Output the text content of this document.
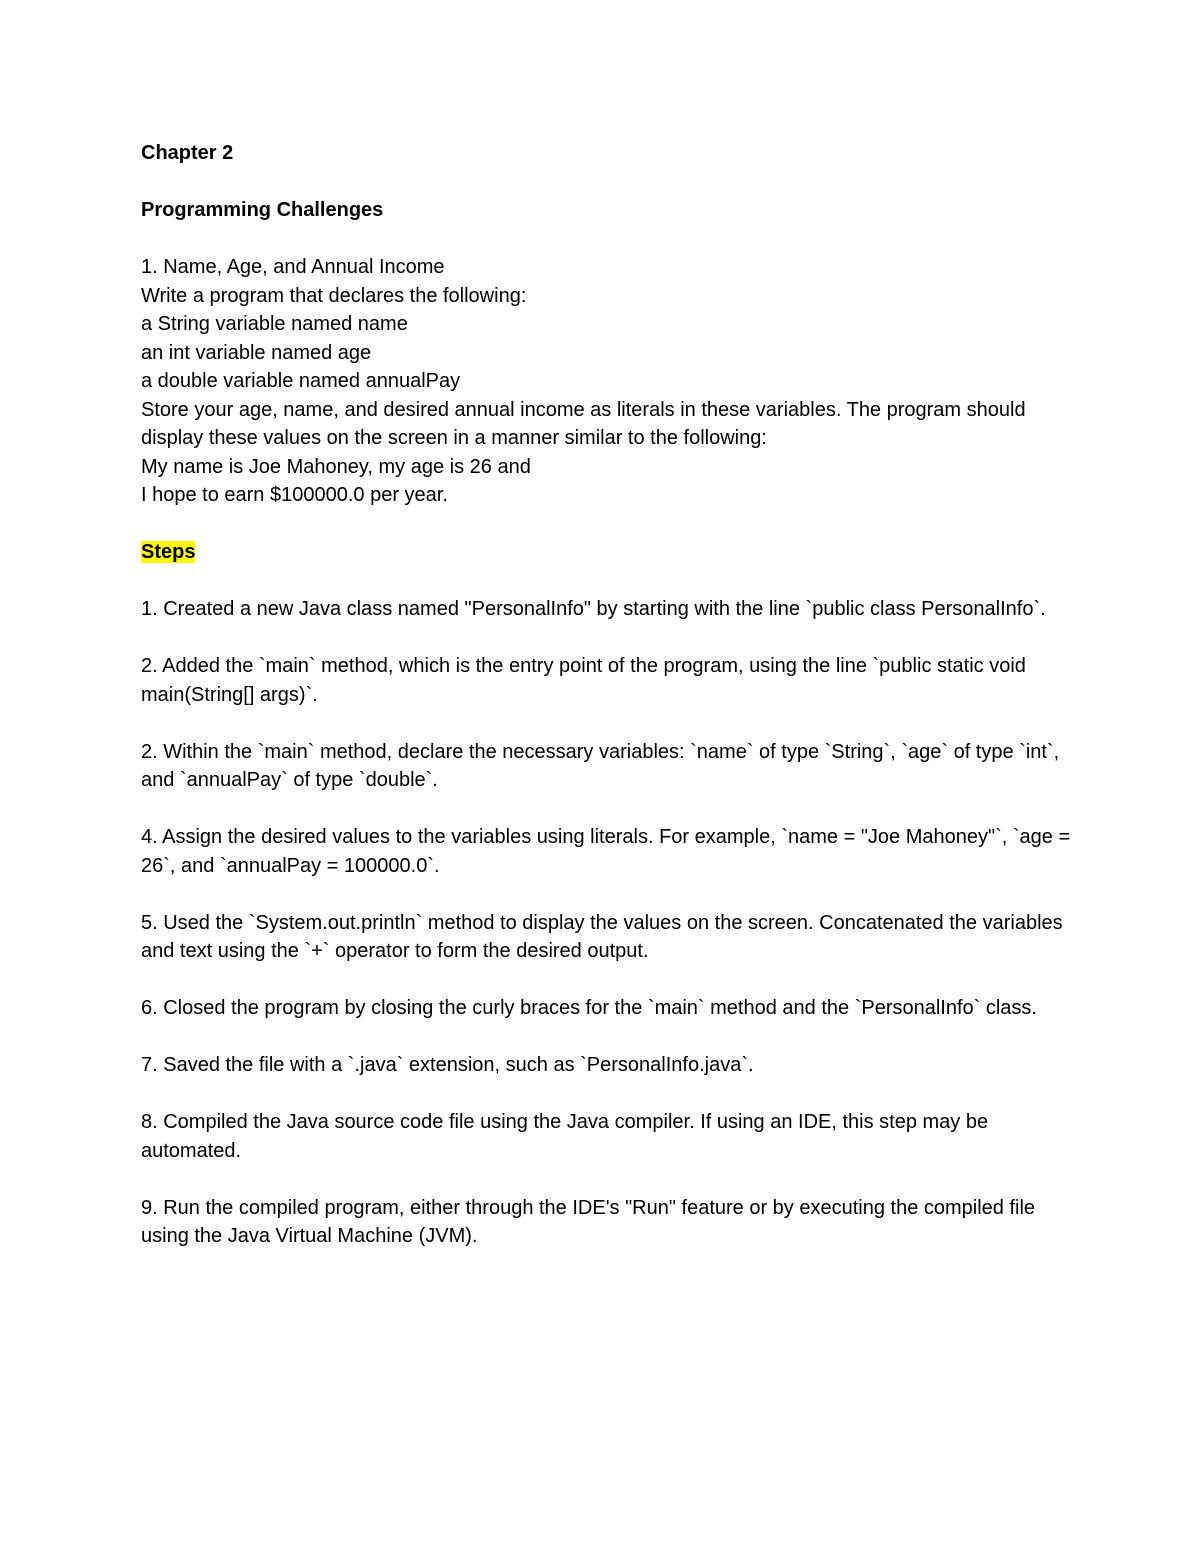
Chapter 2
Programming Challenges
1. Name, Age, and Annual Income
Write a program that declares the following:
a String variable named name
an int variable named age
a double variable named annualPay
Store your age, name, and desired annual income as literals in these variables. The program should
display these values on the screen in a manner similar to the following:
My name is Joe Mahoney, my age is 26 and
I hope to earn $100000.0 per year.
Steps
1. Created a new Java class named "PersonalInfo" by starting with the line `public class PersonalInfo`.
2. Added the `main` method, which is the entry point of the program, using the line `public static void main(String[] args)`.
2. Within the `main` method, declare the necessary variables: `name` of type `String`, `age` of type `int`, and `annualPay` of type `double`.
4. Assign the desired values to the variables using literals. For example, `name = "Joe Mahoney"`, `age = 26`, and `annualPay = 100000.0`.
5. Used the `System.out.println` method to display the values on the screen. Concatenated the variables and text using the `+` operator to form the desired output.
6. Closed the program by closing the curly braces for the `main` method and the `PersonalInfo` class.
7. Saved the file with a `.java` extension, such as `PersonalInfo.java`.
8. Compiled the Java source code file using the Java compiler. If using an IDE, this step may be automated.
9. Run the compiled program, either through the IDE's "Run" feature or by executing the compiled file using the Java Virtual Machine (JVM).
